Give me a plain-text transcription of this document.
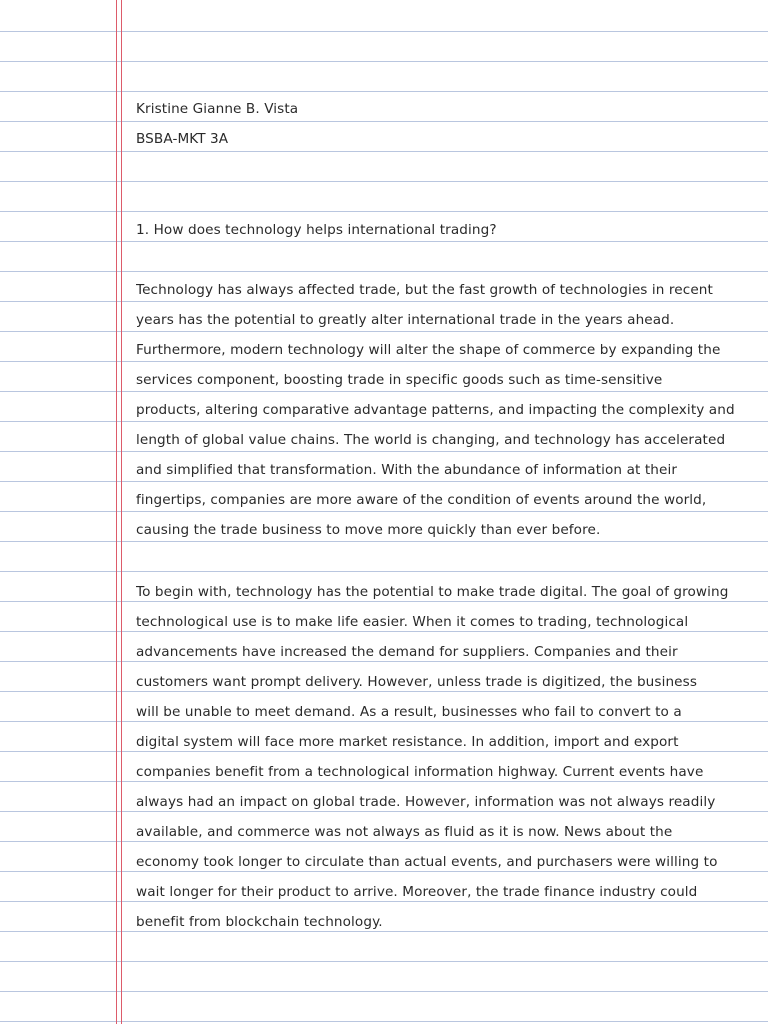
Kristine Gianne B. Vista
BSBA-MKT 3A
1. How does technology helps international trading?
Technology has always affected trade, but the fast growth of technologies in recent
years has the potential to greatly alter international trade in the years ahead.
Furthermore, modern technology will alter the shape of commerce by expanding the
services component, boosting trade in specific goods such as time-sensitive
products, altering comparative advantage patterns, and impacting the complexity and
length of global value chains. The world is changing, and technology has accelerated
and simplified that transformation. With the abundance of information at their
fingertips, companies are more aware of the condition of events around the world,
causing the trade business to move more quickly than ever before.
To begin with, technology has the potential to make trade digital. The goal of growing
technological use is to make life easier. When it comes to trading, technological
advancements have increased the demand for suppliers. Companies and their
customers want prompt delivery. However, unless trade is digitized, the business
will be unable to meet demand. As a result, businesses who fail to convert to a
digital system will face more market resistance. In addition, import and export
companies benefit from a technological information highway. Current events have
always had an impact on global trade. However, information was not always readily
available, and commerce was not always as fluid as it is now. News about the
economy took longer to circulate than actual events, and purchasers were willing to
wait longer for their product to arrive. Moreover, the trade finance industry could
benefit from blockchain technology.
